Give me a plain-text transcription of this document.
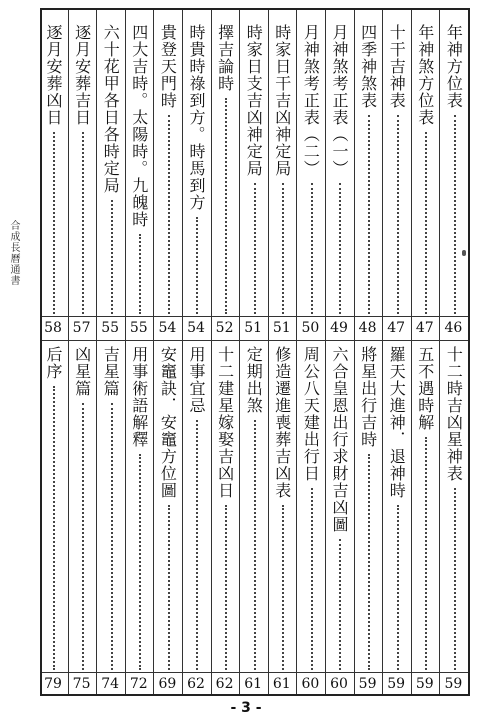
合成長曆通書
年神方位表
46
年神煞方位表
47
十干吉神表
47
四季神煞表
48
月神煞考正表（一）
49
月神煞考正表（二）
50
時家日干吉凶神定局
51
時家日支吉凶神定局
51
擇吉論時
52
時貴時祿到方。時馬到方
54
貴登天門時
54
四大吉時。太陽時。九魄時
55
六十花甲各日各時定局
55
逐月安葬吉日
57
逐月安葬凶日
58
十二時吉凶星神表
59
五不遇時解
59
羅天大進神．退神時
59
將星出行吉時
59
六合皇恩出行求財吉凶圖
60
周公八天建出行日
60
修造遷進喪葬吉凶表
61
定期出煞
61
十二建星嫁娶吉凶日
62
用事宜忌
62
安竈訣．安竈方位圖
69
用事術語解釋
72
吉星篇
74
凶星篇
75
后序
79
- 3 -
